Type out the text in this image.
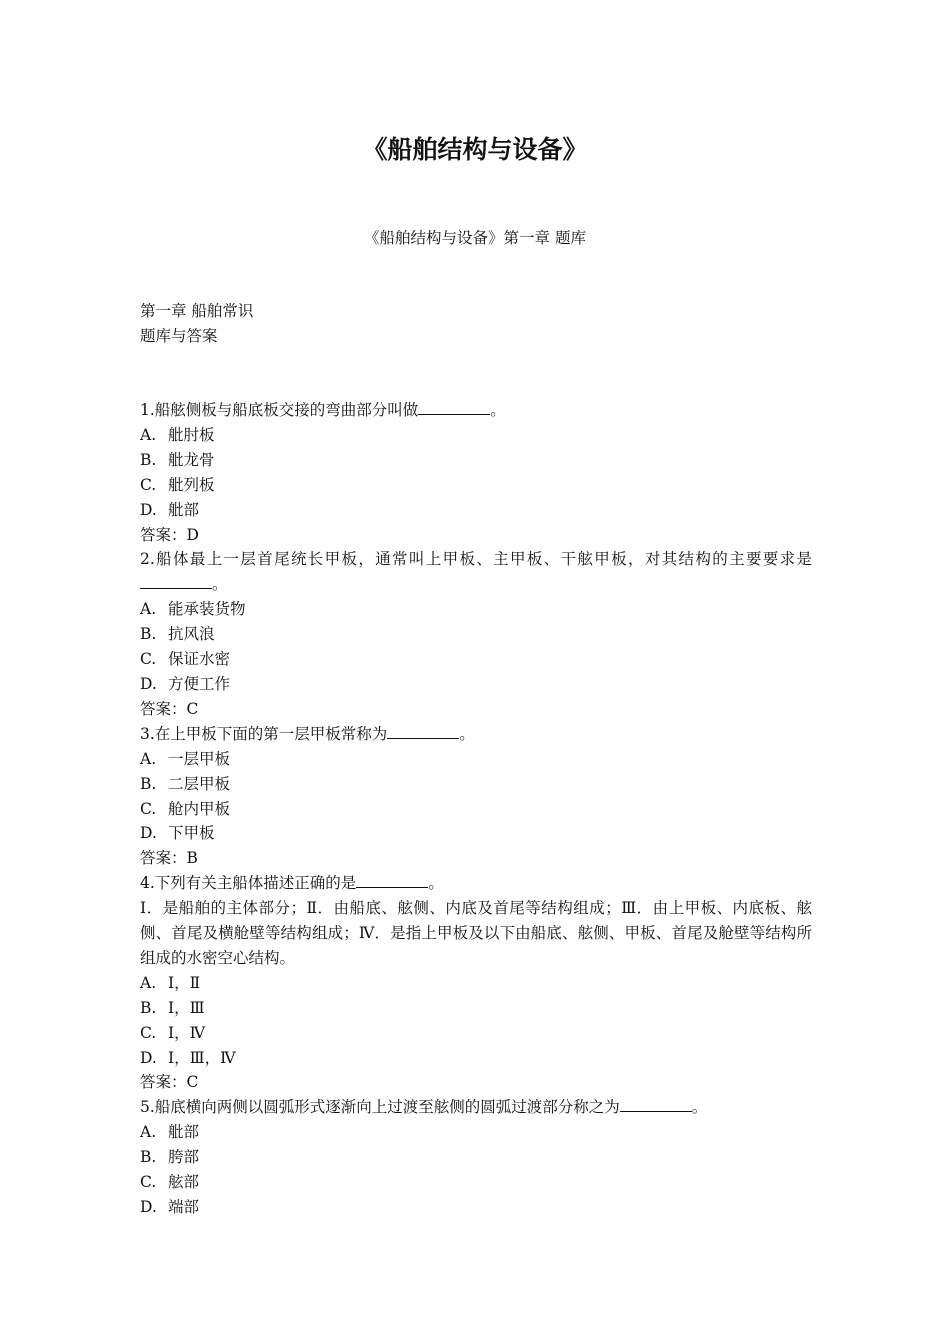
《船舶结构与设备》
《船舶结构与设备》第一章 题库
第一章 船舶常识
题库与答案
1.船舷侧板与船底板交接的弯曲部分叫做	。
A. 舭肘板
B. 舭龙骨
C. 舭列板
D. 舭部
答案：D
2.船体最上一层首尾统长甲板，通常叫上甲板、主甲板、干舷甲板，对其结构的主要要求是。
A. 能承装货物
B. 抗风浪
C. 保证水密
D. 方便工作
答案：C
3.在上甲板下面的第一层甲板常称为	。
A. 一层甲板
B. 二层甲板
C. 舱内甲板
D. 下甲板
答案：B
4.下列有关主船体描述正确的是	。
Ⅰ．是船舶的主体部分；Ⅱ．由船底、舷侧、内底及首尾等结构组成；Ⅲ．由上甲板、内底板、舷侧、首尾及横舱壁等结构组成；Ⅳ．是指上甲板及以下由船底、舷侧、甲板、首尾及舱壁等结构所组成的水密空心结构。
A. Ⅰ，Ⅱ
B. Ⅰ，Ⅲ
C. Ⅰ，Ⅳ
D. Ⅰ，Ⅲ，Ⅳ
答案：C
5.船底横向两侧以圆弧形式逐渐向上过渡至舷侧的圆弧过渡部分称之为	。
A. 舭部
B. 胯部
C. 舷部
D. 端部
